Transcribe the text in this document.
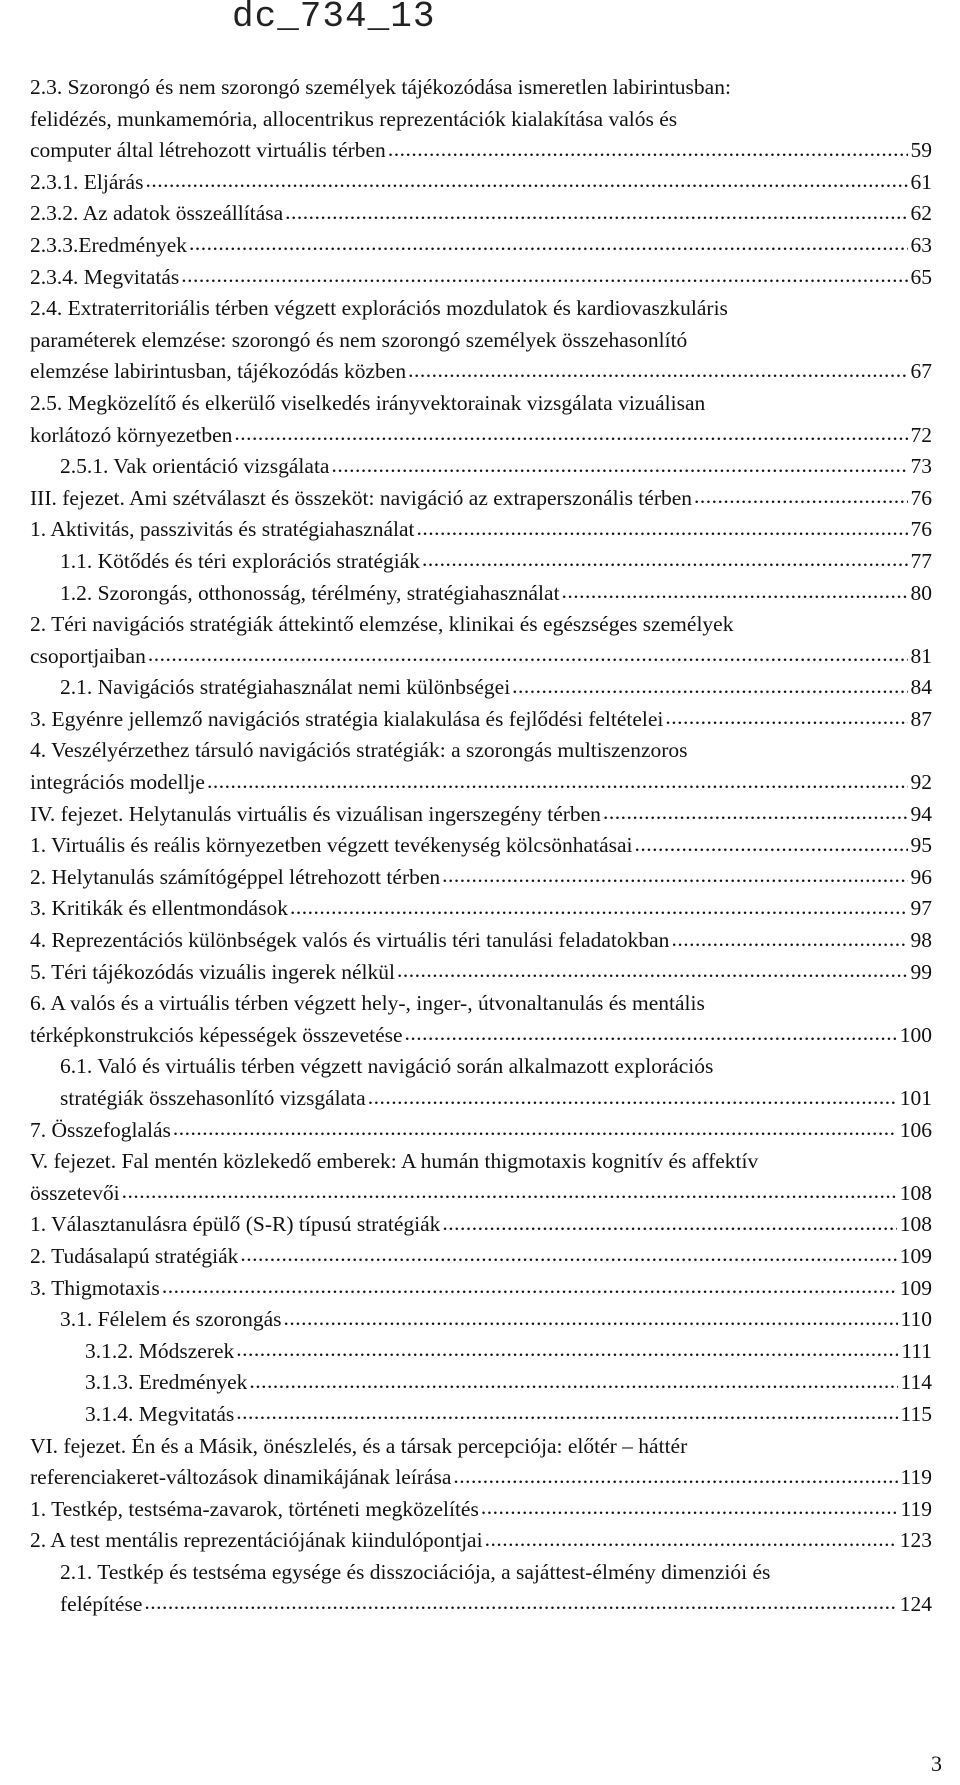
dc_734_13
2.3. Szorongó és nem szorongó személyek tájékozódása ismeretlen labirintusban:
felidézés, munkamemória, allocentrikus reprezentációk kialakítása valós és
computer által létrehozott virtuális térben .....	59
2.3.1. Eljárás .....	61
2.3.2. Az adatok összeállítása .....	62
2.3.3.Eredmények .....	63
2.3.4. Megvitatás .....	65
2.4. Extraterritoriális térben végzett explorációs mozdulatok és kardiovaszkuláris
paraméterek elemzése: szorongó és nem szorongó személyek összehasonlító
elemzése labirintusban, tájékozódás közben .....	67
2.5. Megközelítő és elkerülő viselkedés irányvektorainak vizsgálata vizuálisan
korlátozó környezetben .....	72
2.5.1. Vak orientáció vizsgálata .....	73
III. fejezet. Ami szétválaszt és összeköt: navigáció az extraperszonális térben .....	76
1. Aktivitás, passzivitás és stratégiahasználat .....	76
1.1. Kötődés és téri explorációs stratégiák .....	77
1.2. Szorongás, otthonosság, térélmény, stratégiahasználat .....	80
2. Téri navigációs stratégiák áttekintő elemzése, klinikai és egészséges személyek
csoportjaiban .....	81
2.1. Navigációs stratégiahasználat nemi különbségei .....	84
3. Egyénre jellemző navigációs stratégia kialakulása és fejlődési feltételei .....	87
4. Veszélyérzethez társuló navigációs stratégiák: a szorongás multiszenzoros
integrációs modellje .....	92
IV. fejezet. Helytanulás virtuális és vizuálisan ingerszegény térben .....	94
1. Virtuális és reális környezetben végzett tevékenység kölcsönhatásai .....	95
2. Helytanulás számítógéppel létrehozott térben .....	96
3. Kritikák és ellentmondások .....	97
4. Reprezentációs különbségek valós és virtuális téri tanulási feladatokban .....	98
5. Téri tájékozódás vizuális ingerek nélkül .....	99
6. A valós és a virtuális térben végzett hely-, inger-, útvonaltanulás és mentális
térképkonstrukciós képességek összevetése .....	100
6.1. Való és virtuális térben végzett navigáció során alkalmazott explorációs
stratégiák összehasonlító vizsgálata .....	101
7. Összefoglalás .....	106
V. fejezet. Fal mentén közlekedő emberek: A humán thigmotaxis kognitív és affektív
összetevői .....	108
1. Választanulásra épülő (S-R) típusú stratégiák .....	108
2. Tudásalapú stratégiák .....	109
3. Thigmotaxis .....	109
3.1. Félelem és szorongás .....	110
3.1.2. Módszerek .....	111
3.1.3. Eredmények .....	114
3.1.4. Megvitatás .....	115
VI. fejezet. Én és a Másik, önészlelés, és a társak percepciója: előtér – háttér
referenciakeret-változások dinamikájának leírása .....	119
1. Testkép, testséma-zavarok, történeti megközelítés .....	119
2. A test mentális reprezentációjának kiindulópontjai .....	123
2.1. Testkép és testséma egysége és disszociációja, a sajáttest-élmény dimenziói és
felépítése .....	124
3
